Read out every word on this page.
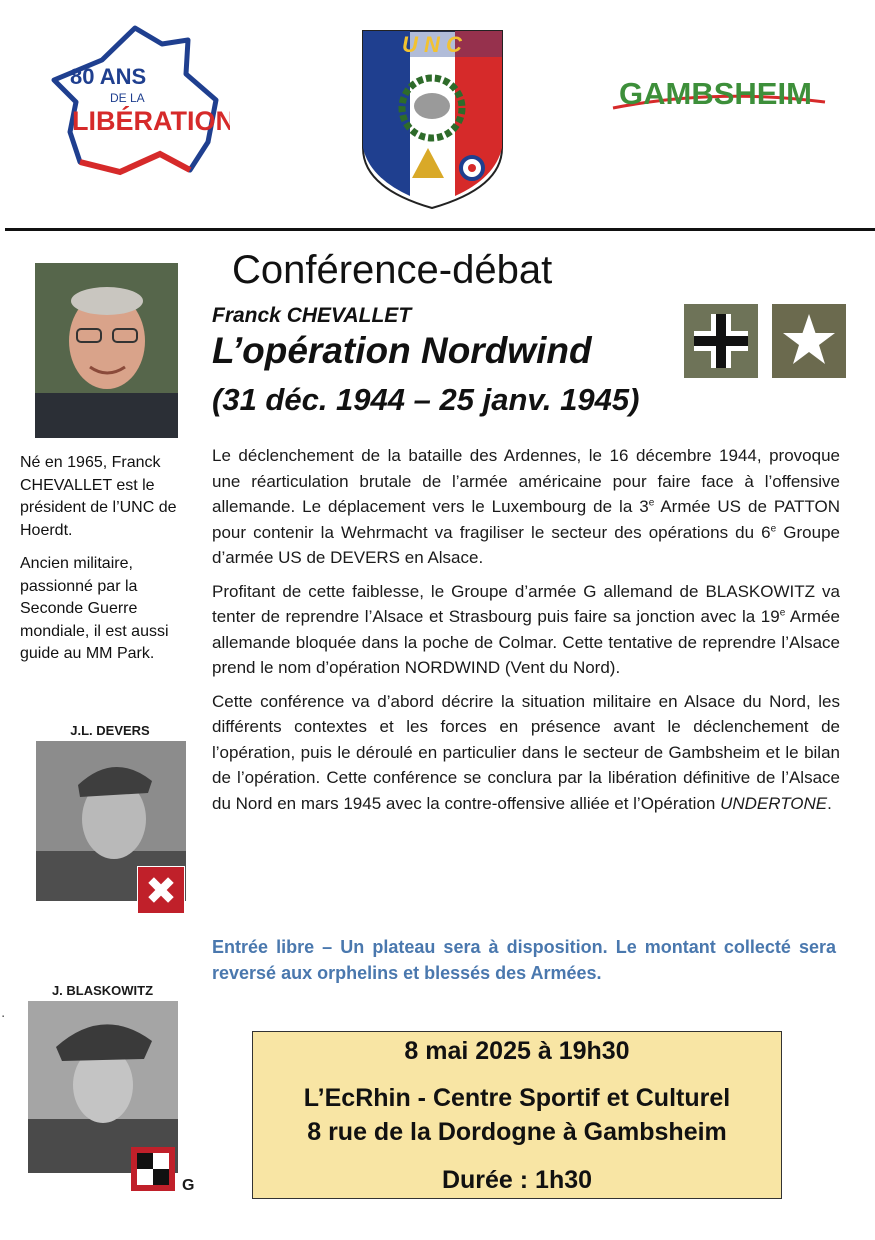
80 ANS
DE LA
LIBÉRATION
U N C
GAMBSHEIM

Né en 1965, Franck CHEVALLET est le président de l’UNC de Hoerdt.

Ancien militaire, passionné par la Seconde Guerre mondiale, il est aussi guide au MM Park.

J.L. DEVERS
J. BLASKOWITZ
▪
G
Conférence-débat
Franck CHEVALLET
L’opération Nordwind
(31 déc. 1944 – 25 janv. 1945)

Le déclenchement de la bataille des Ardennes, le 16 décembre 1944, provoque une réarticulation brutale de l’armée américaine pour faire face à l’offensive allemande. Le déplacement vers le Luxembourg de la 3e Armée US de PATTON pour contenir la Wehrmacht va fragiliser le secteur des opérations du 6e Groupe d’armée US de DEVERS en Alsace.

Profitant de cette faiblesse, le Groupe d’armée G allemand de BLASKOWITZ va tenter de reprendre l’Alsace et Strasbourg puis faire sa jonction avec la 19e Armée allemande bloquée dans la poche de Colmar. Cette tentative de reprendre l’Alsace prend le nom d’opération NORDWIND (Vent du Nord).

Cette conférence va d’abord décrire la situation militaire en Alsace du Nord, les différents contextes et les forces en présence avant le déclenchement de l’opération, puis le déroulé en particulier dans le secteur de Gambsheim et le bilan de l’opération. Cette conférence se conclura par la libération définitive de l’Alsace du Nord en mars 1945 avec la contre-offensive alliée et l’Opération UNDERTONE.

Entrée libre – Un plateau sera à disposition. Le montant collecté sera reversé aux orphelins et blessés des Armées.
8 mai 2025 à 19h30
L’EcRhin - Centre Sportif et Culturel
8 rue de la Dordogne à Gambsheim
Durée : 1h30
